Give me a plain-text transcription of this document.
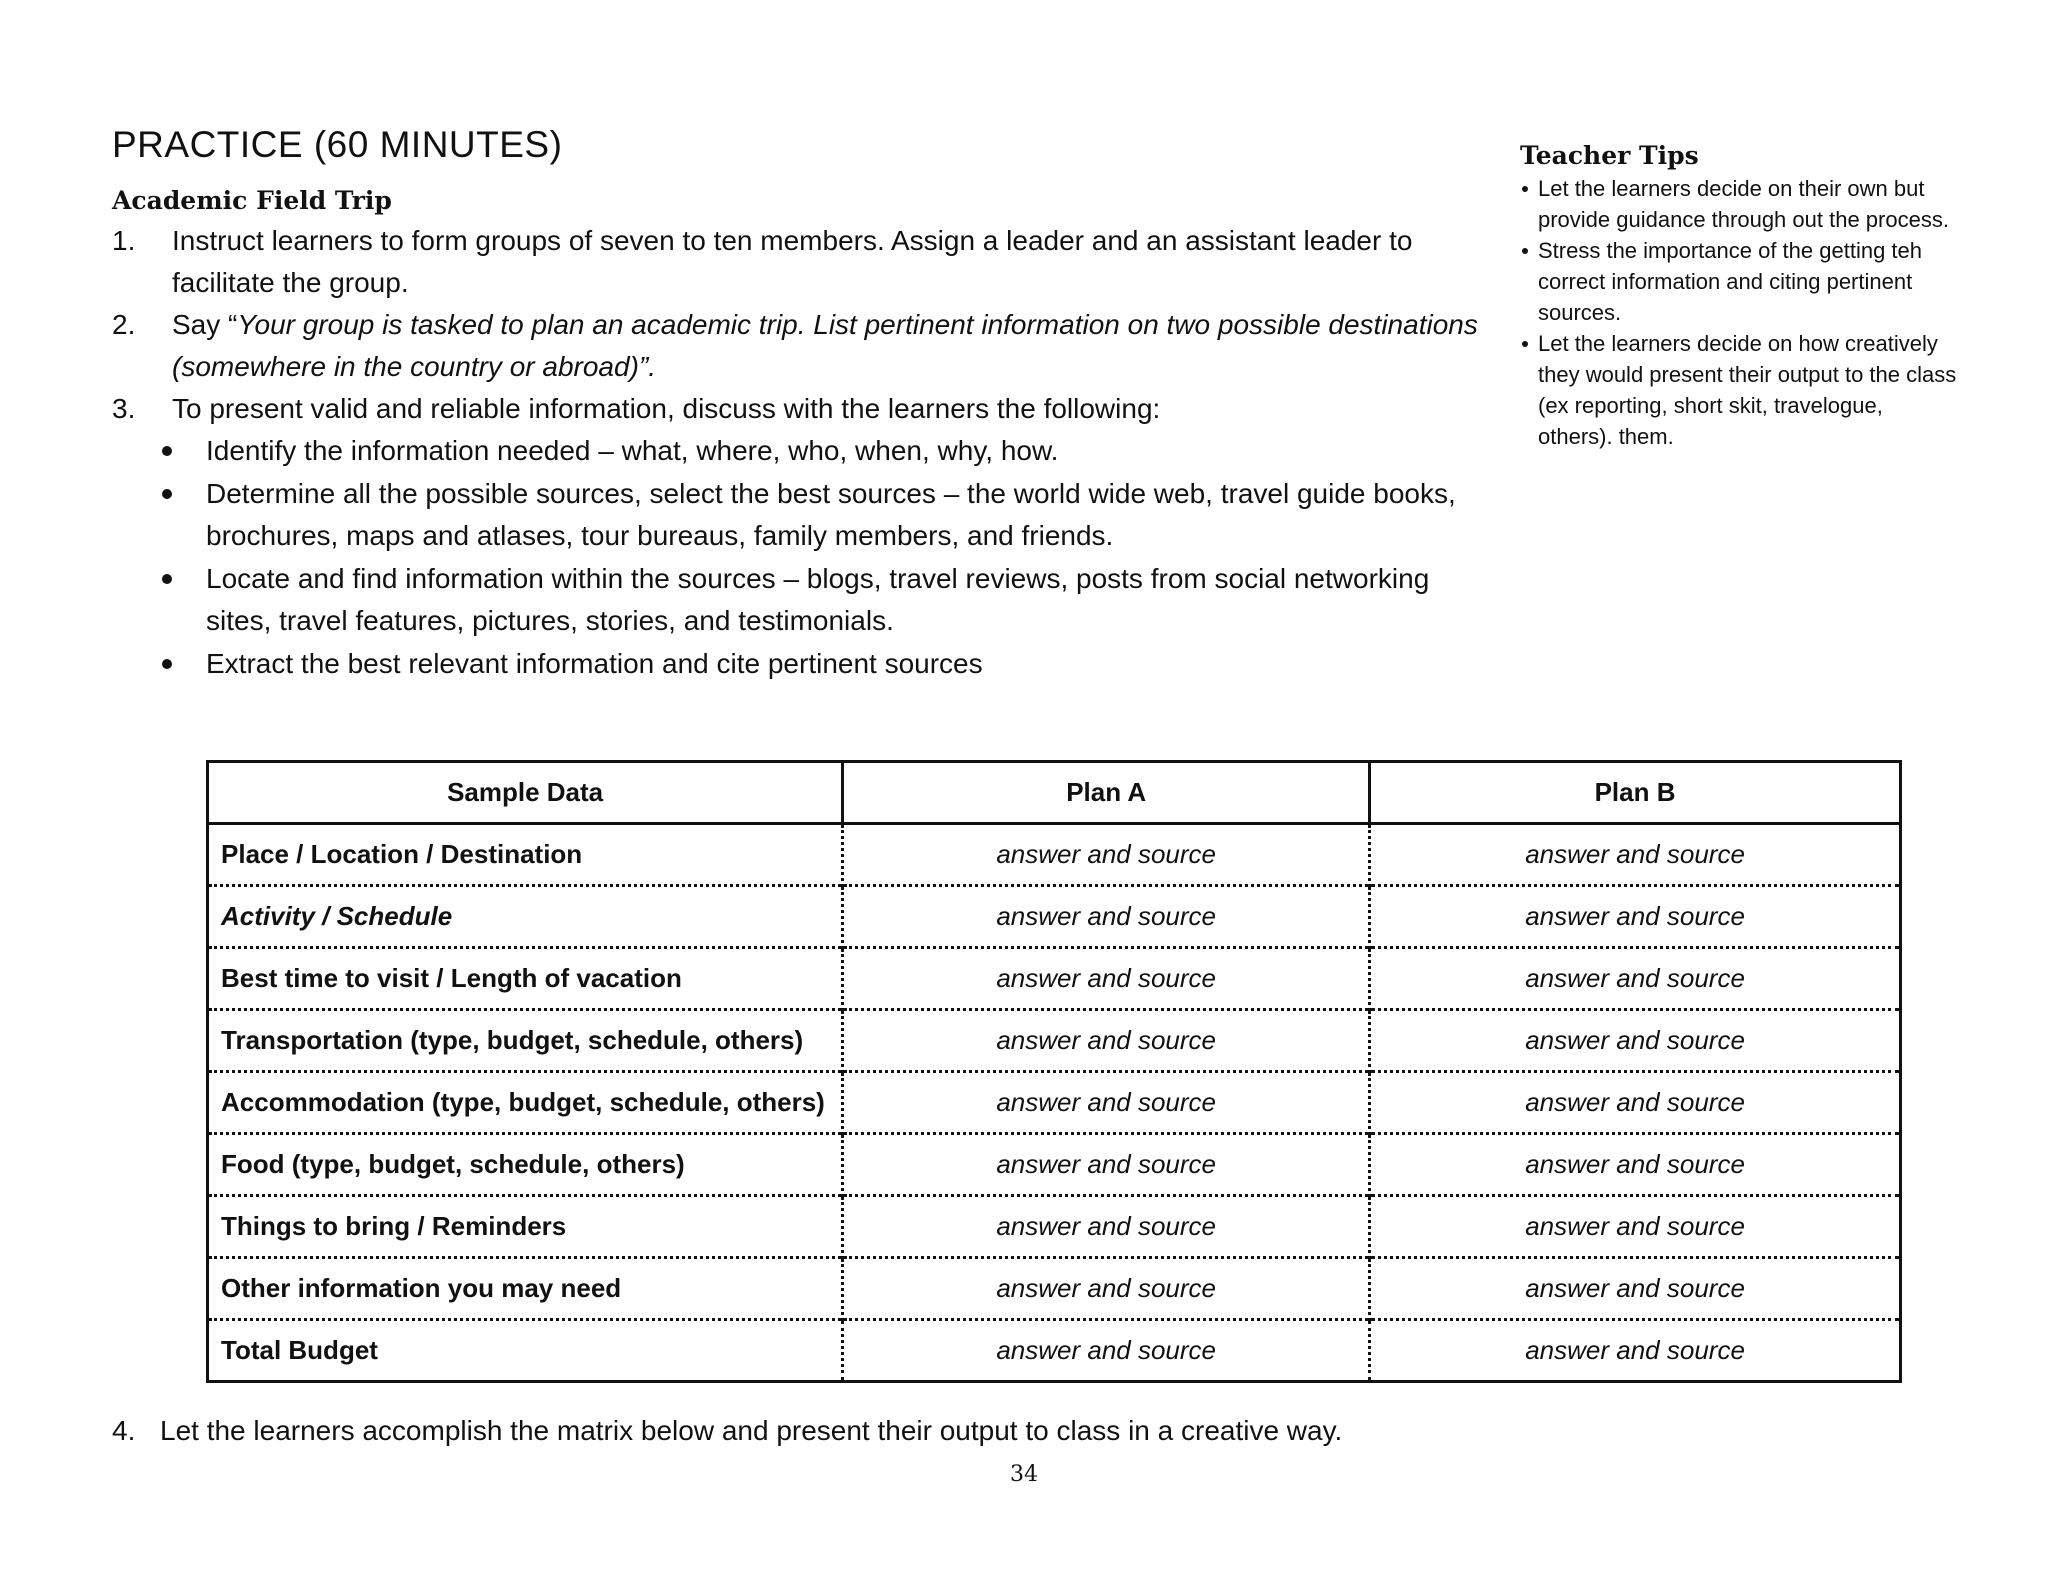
PRACTICE (60 MINUTES)
Academic Field Trip
1. Instruct learners to form groups of seven to ten members. Assign a leader and an assistant leader to facilitate the group.
2. Say “Your group is tasked to plan an academic trip. List pertinent information on two possible destinations (somewhere in the country or abroad)”.
3. To present valid and reliable information, discuss with the learners the following:
Identify the information needed – what, where, who, when, why, how.
Determine all the possible sources, select the best sources – the world wide web, travel guide books, brochures, maps and atlases, tour bureaus, family members, and friends.
Locate and find information within the sources – blogs, travel reviews, posts from social networking sites, travel features, pictures, stories, and testimonials.
Extract the best relevant information and cite pertinent sources
Teacher Tips
Let the learners decide on their own but provide guidance through out the process.
Stress the importance of the getting teh correct information and citing pertinent sources.
Let the learners decide on how creatively they would present their output to the class (ex reporting, short skit, travelogue, others). them.
Sample Data	Plan A	Plan B
Place / Location / Destination	answer and source	answer and source
Activity / Schedule	answer and source	answer and source
Best time to visit / Length of vacation	answer and source	answer and source
Transportation (type, budget, schedule, others)	answer and source	answer and source
Accommodation (type, budget, schedule, others)	answer and source	answer and source
Food (type, budget, schedule, others)	answer and source	answer and source
Things to bring / Reminders	answer and source	answer and source
Other information you may need	answer and source	answer and source
Total Budget	answer and source	answer and source
4. Let the learners accomplish the matrix below and present their output to class in a creative way.
34
